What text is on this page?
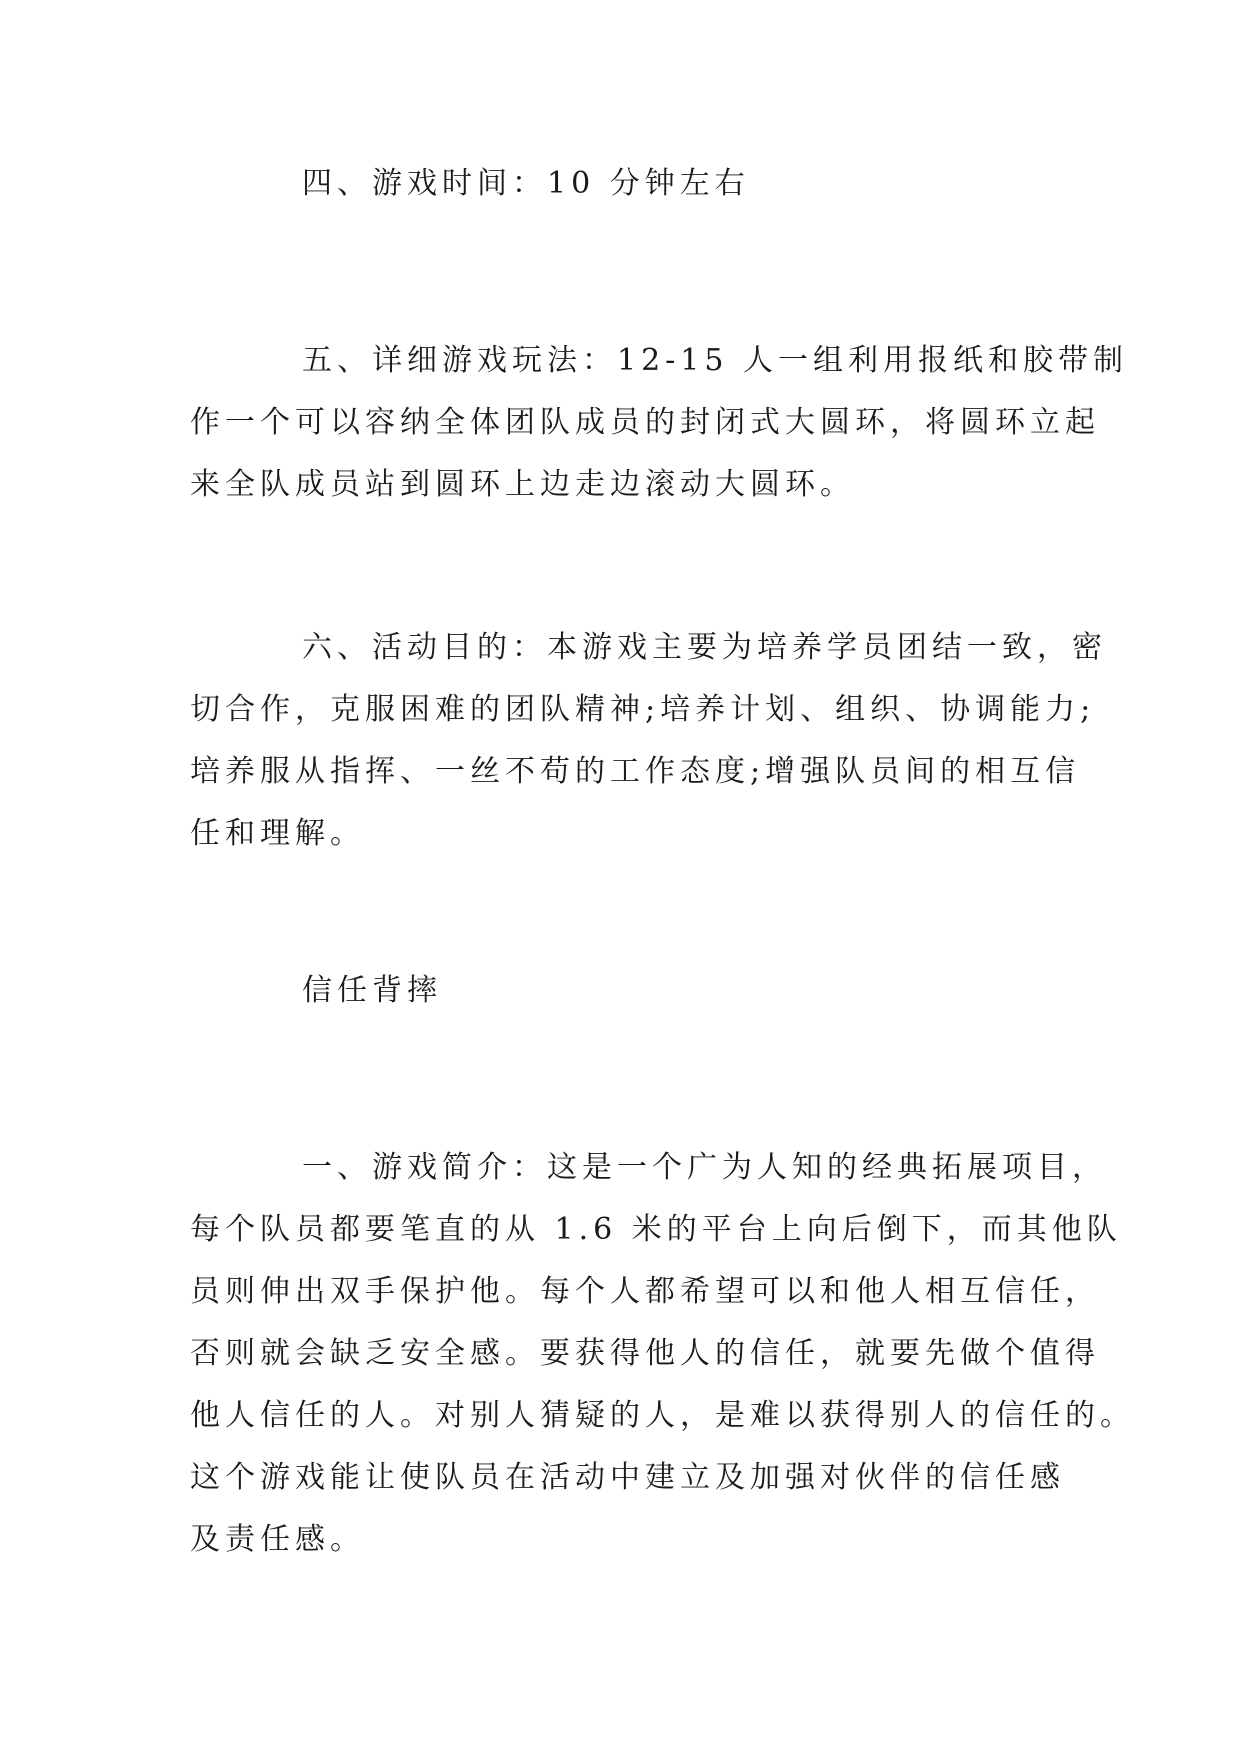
四、游戏时间：10 分钟左右

五、详细游戏玩法：12-15 人一组利用报纸和胶带制
作一个可以容纳全体团队成员的封闭式大圆环，将圆环立起
来全队成员站到圆环上边走边滚动大圆环。

六、活动目的：本游戏主要为培养学员团结一致，密
切合作，克服困难的团队精神;培养计划、组织、协调能力;
培养服从指挥、一丝不苟的工作态度;增强队员间的相互信
任和理解。

信任背摔

一、游戏简介：这是一个广为人知的经典拓展项目，
每个队员都要笔直的从 1.6 米的平台上向后倒下，而其他队
员则伸出双手保护他。每个人都希望可以和他人相互信任，
否则就会缺乏安全感。要获得他人的信任，就要先做个值得
他人信任的人。对别人猜疑的人，是难以获得别人的信任的。
这个游戏能让使队员在活动中建立及加强对伙伴的信任感
及责任感。
